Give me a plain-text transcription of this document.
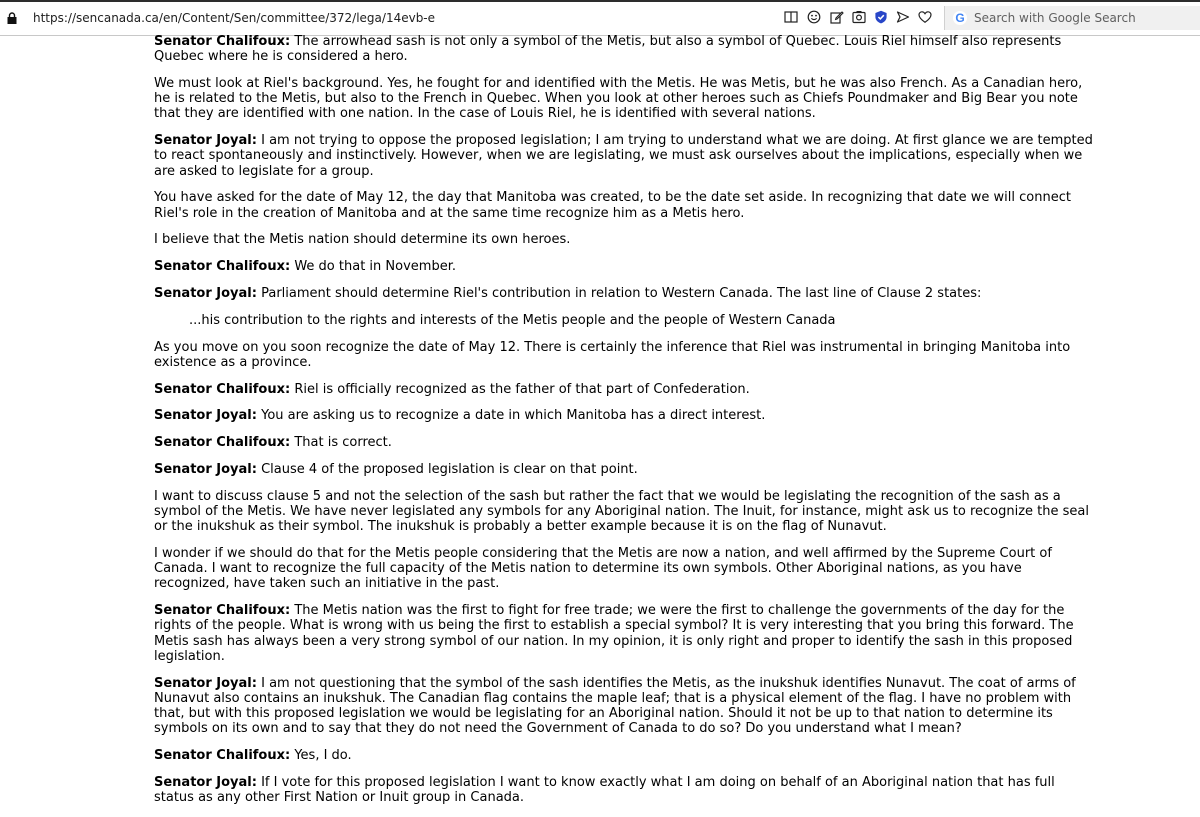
https://sencanada.ca/en/Content/Sen/committee/372/lega/14evb-e	G Search with Google Search

Senator Chalifoux: The arrowhead sash is not only a symbol of the Metis, but also a symbol of Quebec. Louis Riel himself also represents Quebec where he is considered a hero.

We must look at Riel's background. Yes, he fought for and identified with the Metis. He was Metis, but he was also French. As a Canadian hero, he is related to the Metis, but also to the French in Quebec. When you look at other heroes such as Chiefs Poundmaker and Big Bear you note that they are identified with one nation. In the case of Louis Riel, he is identified with several nations.

Senator Joyal: I am not trying to oppose the proposed legislation; I am trying to understand what we are doing. At first glance we are tempted to react spontaneously and instinctively. However, when we are legislating, we must ask ourselves about the implications, especially when we are asked to legislate for a group.

You have asked for the date of May 12, the day that Manitoba was created, to be the date set aside. In recognizing that date we will connect Riel's role in the creation of Manitoba and at the same time recognize him as a Metis hero.

I believe that the Metis nation should determine its own heroes.

Senator Chalifoux: We do that in November.

Senator Joyal: Parliament should determine Riel's contribution in relation to Western Canada. The last line of Clause 2 states:

...his contribution to the rights and interests of the Metis people and the people of Western Canada

As you move on you soon recognize the date of May 12. There is certainly the inference that Riel was instrumental in bringing Manitoba into existence as a province.

Senator Chalifoux: Riel is officially recognized as the father of that part of Confederation.

Senator Joyal: You are asking us to recognize a date in which Manitoba has a direct interest.

Senator Chalifoux: That is correct.

Senator Joyal: Clause 4 of the proposed legislation is clear on that point.

I want to discuss clause 5 and not the selection of the sash but rather the fact that we would be legislating the recognition of the sash as a symbol of the Metis. We have never legislated any symbols for any Aboriginal nation. The Inuit, for instance, might ask us to recognize the seal or the inukshuk as their symbol. The inukshuk is probably a better example because it is on the flag of Nunavut.

I wonder if we should do that for the Metis people considering that the Metis are now a nation, and well affirmed by the Supreme Court of Canada. I want to recognize the full capacity of the Metis nation to determine its own symbols. Other Aboriginal nations, as you have recognized, have taken such an initiative in the past.

Senator Chalifoux: The Metis nation was the first to fight for free trade; we were the first to challenge the governments of the day for the rights of the people. What is wrong with us being the first to establish a special symbol? It is very interesting that you bring this forward. The Metis sash has always been a very strong symbol of our nation. In my opinion, it is only right and proper to identify the sash in this proposed legislation.

Senator Joyal: I am not questioning that the symbol of the sash identifies the Metis, as the inukshuk identifies Nunavut. The coat of arms of Nunavut also contains an inukshuk. The Canadian flag contains the maple leaf; that is a physical element of the flag. I have no problem with that, but with this proposed legislation we would be legislating for an Aboriginal nation. Should it not be up to that nation to determine its symbols on its own and to say that they do not need the Government of Canada to do so? Do you understand what I mean?

Senator Chalifoux: Yes, I do.

Senator Joyal: If I vote for this proposed legislation I want to know exactly what I am doing on behalf of an Aboriginal nation that has full status as any other First Nation or Inuit group in Canada.
